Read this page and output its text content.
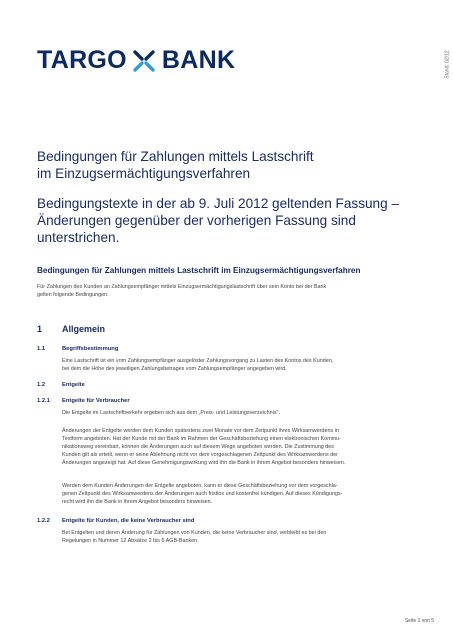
TARGO BANK	Stand: 02/12
Bedingungen für Zahlungen mittels Lastschrift
im Einzugsermächtigungsverfahren
Bedingungstexte in der ab 9. Juli 2012 geltenden Fassung –
Änderungen gegenüber der vorherigen Fassung sind unterstrichen.
Bedingungen für Zahlungen mittels Lastschrift im Einzugsermächtigungsverfahren
Für Zahlungen des Kunden an Zahlungsempfänger mittels Einzugsermächtigungslastschrift über sein Konto bei der Bank
gelten folgende Bedingungen.
1 Allgemein
1.1	Begriffsbestimmung
Eine Lastschrift ist ein vom Zahlungsempfänger ausgelöster Zahlungsvorgang zu Lasten des Kontos des Kunden,
bei dem die Höhe des jeweiligen Zahlungsbetrages vom Zahlungsempfänger angegeben wird.
1.2	Entgelte
1.2.1 Entgelte für Verbraucher
Die Entgelte im Lastschriftverkehr ergeben sich aus dem „Preis- und Leistungsverzeichnis".
Änderungen der Entgelte werden dem Kunden spätestens zwei Monate vor dem Zeitpunkt ihres Wirksamwerdens in
Textform angeboten. Hat der Kunde mit der Bank im Rahmen der Geschäftsbeziehung einen elektronischen Kommu-
nikationsweg vereinbart, können die Änderungen auch auf diesem Wege angeboten werden. Die Zustimmung des
Kunden gilt als erteilt, wenn er seine Ablehnung nicht vor dem vorgeschlagenen Zeitpunkt des Wirksamwerdens der
Änderungen angezeigt hat. Auf diese Genehmigungswirkung wird ihn die Bank in ihrem Angebot besonders hinweisen.
Werden dem Kunden Änderungen der Entgelte angeboten, kann er diese Geschäftsbeziehung vor dem vorgeschla-
genen Zeitpunkt des Wirksamwerdens der Änderungen auch fristlos und kostenfrei kündigen. Auf dieses Kündigungs-
recht wird ihn die Bank in ihrem Angebot besonders hinweisen.
1.2.2 Entgelte für Kunden, die keine Verbraucher sind
Bei Entgelten und deren Änderung für Zahlungen von Kunden, die keine Verbraucher sind, verbleibt es bei den
Regelungen in Nummer 12 Absätze 2 bis 6 AGB-Banken.
Seite 1 von 5
